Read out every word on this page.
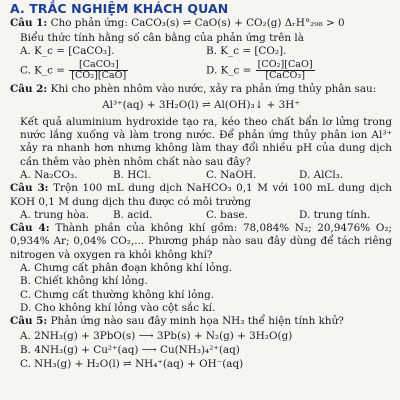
A. TRẮC NGHIỆM KHÁCH QUAN
Câu 1: Cho phản ứng: CaCO₃(s) ⇌ CaO(s) + CO₂(g) ΔᵣH°₂₉₈ > 0
Biểu thức tính hằng số cân bằng của phản ứng trên là
A. K_c = [CaCO₃].	B. K_c = [CO₂].
C. K_c = $\frac{\text{[CaCO₃]}}{\text{[CO₂][CaO]}}$	D. K_c = $\frac{\text{[CO₂][CaO]}}{\text{[CaCO₃]}}$
Câu 2: Khi cho phèn nhôm vào nước, xảy ra phản ứng thủy phân sau:
Al³⁺(aq) + 3H₂O(l) ⇌ Al(OH)₃↓ + 3H⁺
Kết quả aluminium hydroxide tạo ra, kéo theo chất bẩn lơ lửng trong nước lắng xuống và làm trong nước. Để phản ứng thủy phân ion Al³⁺ xảy ra nhanh hơn nhưng không làm thay đổi nhiều pH của dung dịch cần thêm vào phèn nhôm chất nào sau đây?
A. Na₂CO₃.	B. HCl.	C. NaOH.	D. AlCl₃.
Câu 3: Trộn 100 mL dung dịch NaHCO₃ 0,1 M với 100 mL dung dịch KOH 0,1 M dung dịch thu được có môi trường
A. trung hòa.	B. acid.	C. base.	D. trung tính.
Câu 4: Thành phần của không khí gồm: 78,084% N₂; 20,9476% O₂; 0,934% Ar; 0,04% CO₂,... Phương pháp nào sau đây dùng để tách riêng nitrogen và oxygen ra khỏi không khí?
A. Chưng cất phân đoạn không khí lỏng.
B. Chiết không khí lỏng.
C. Chưng cất thường không khí lỏng.
D. Cho không khí lỏng vào cột sắc kí.
Câu 5: Phản ứng nào sau đây minh họa NH₃ thể hiện tính khử?
A. 2NH₃(g) + 3PbO(s) ⟶ 3Pb(s) + N₂(g) + 3H₂O(g)
B. 4NH₃(g) + Cu²⁺(aq) ⟶ Cu(NH₃)₄²⁺(aq)
C. NH₃(g) + H₂O(l) ⇌ NH₄⁺(aq) + OH⁻(aq)
